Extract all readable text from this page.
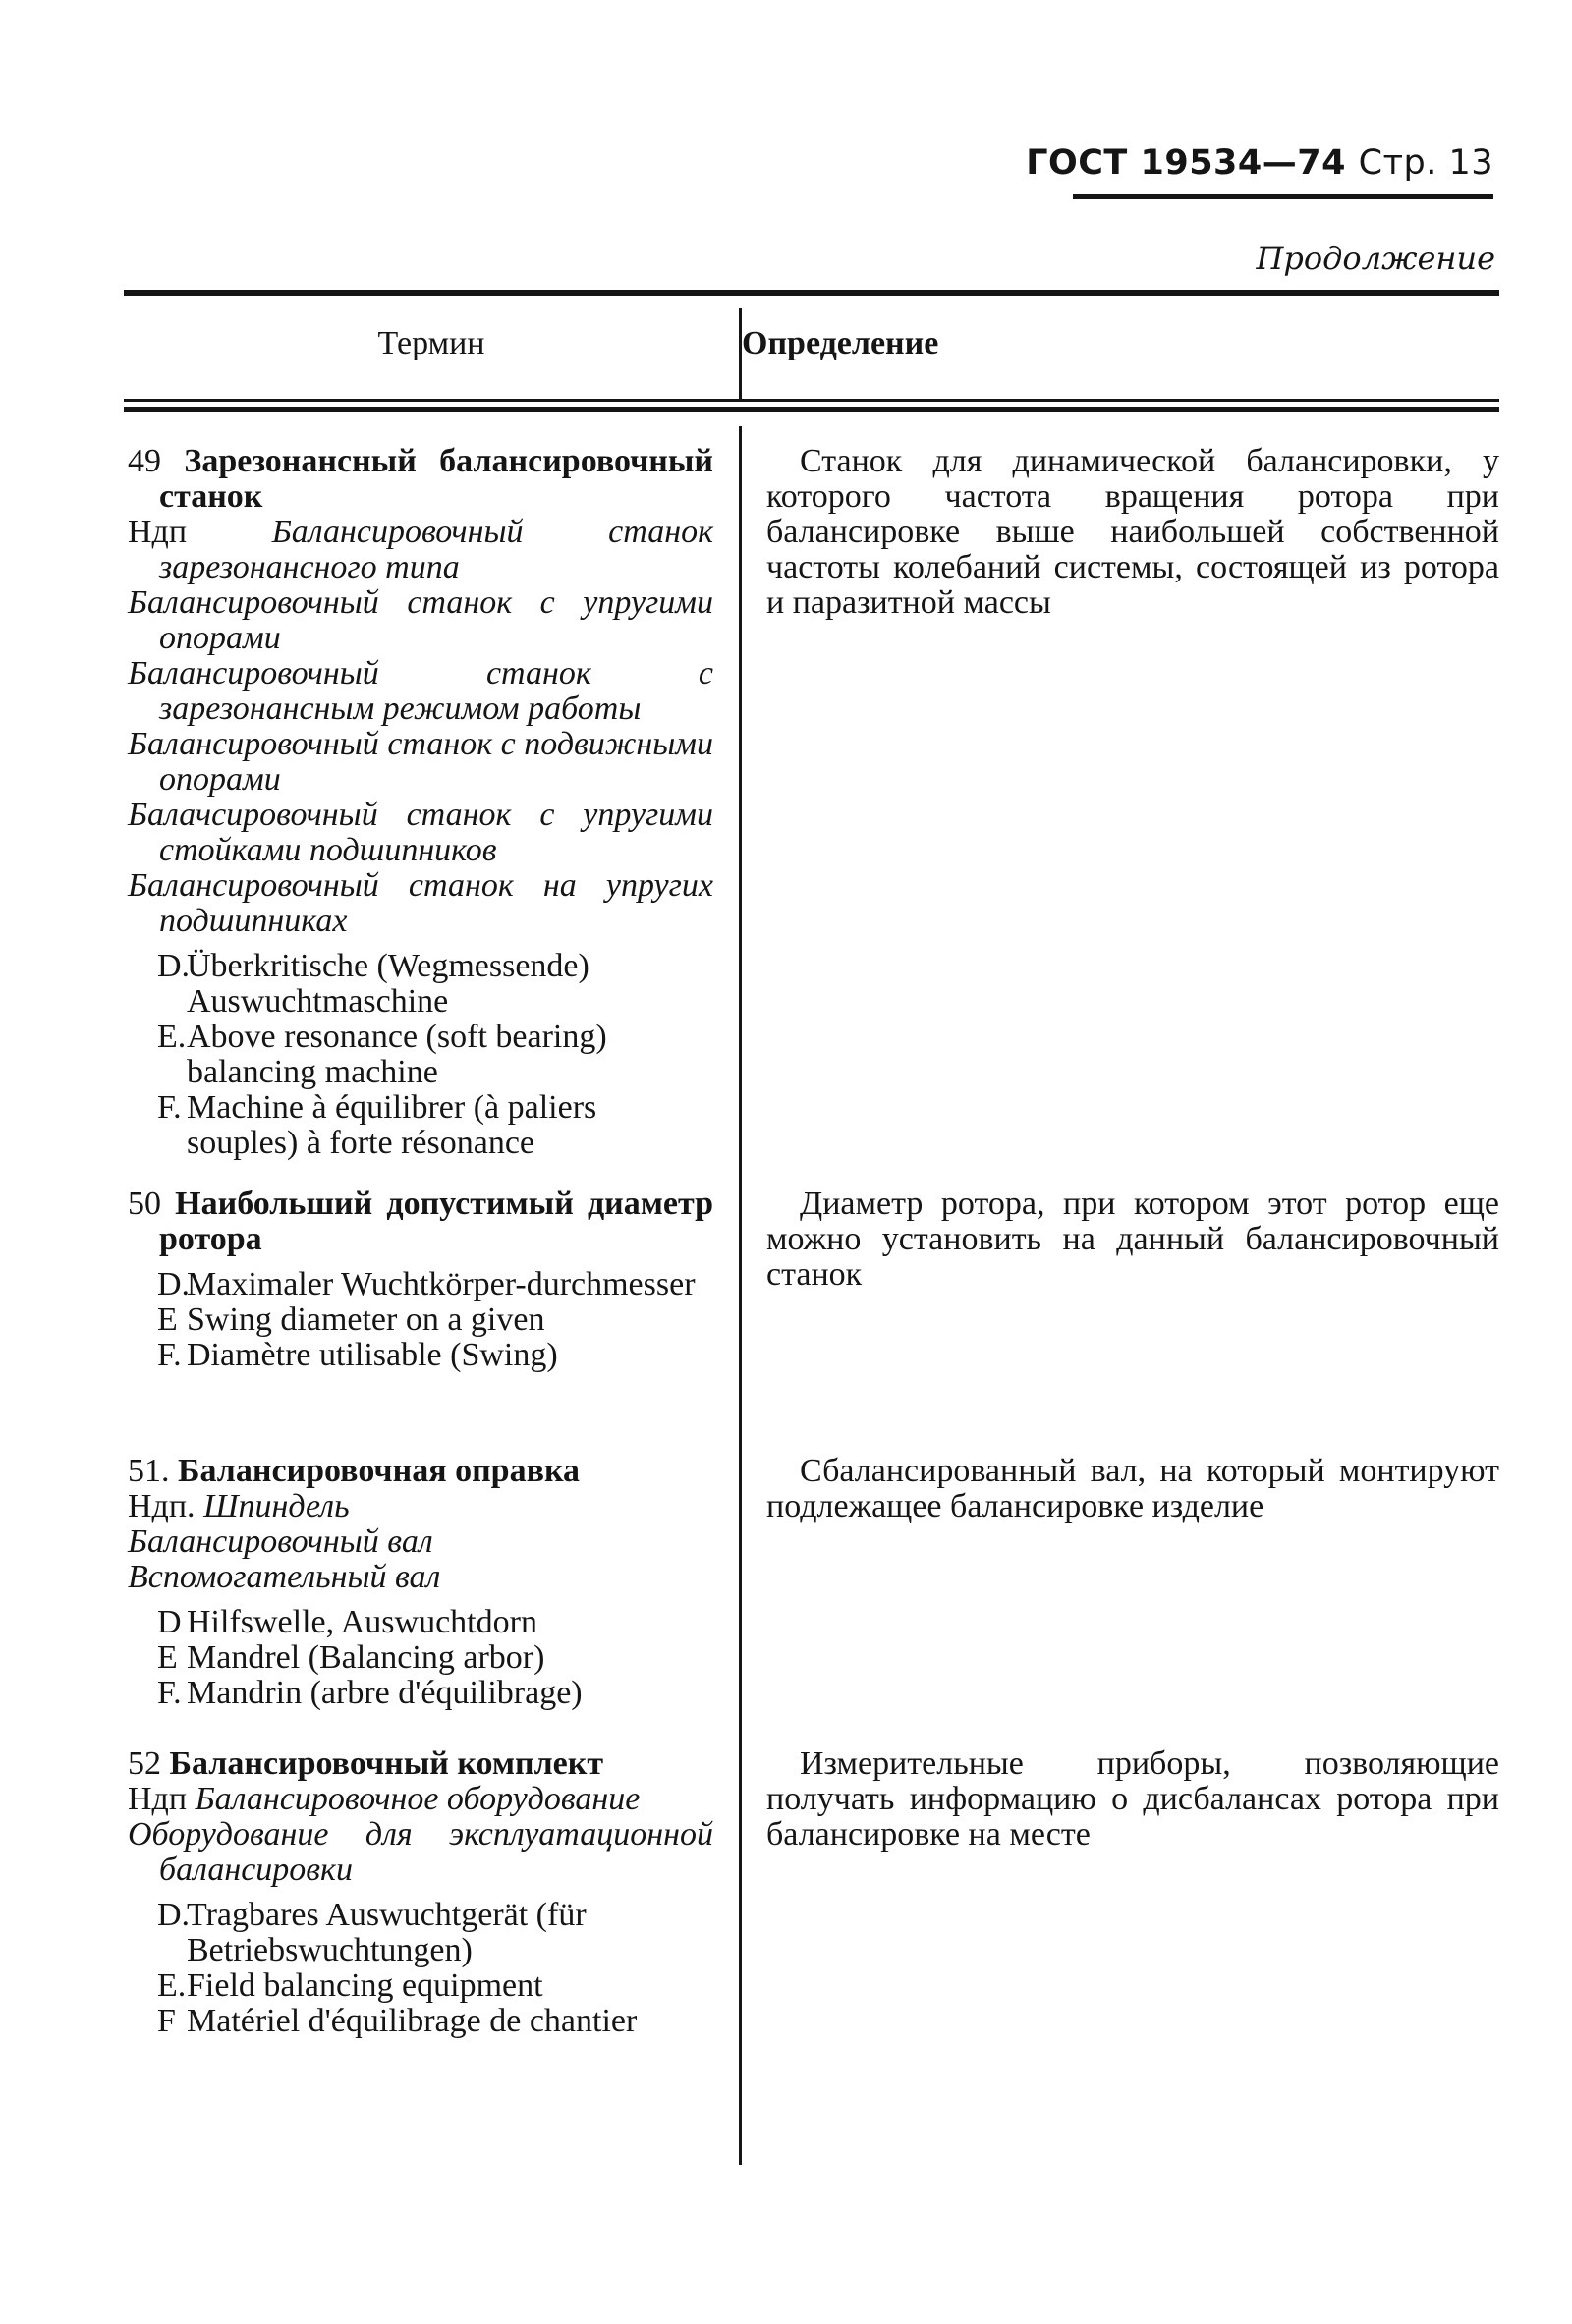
ГОСТ 19534—74 Стр. 13
Продолжение
Термин	Определение

49 Зарезонансный балансировочный станок

Ндп	Балансировочный станок зарезонансного типа

Балансировочный станок с упругими опорами

Балансировочный станок с зарезонансным режимом работы

Балансировочный станок с подвижными опорами

Балачсировочный станок с упругими стойками подшипников

Балансировочный станок на упругих подшипниках

D.Überkritische (Wegmessende) Auswuchtmaschine

E.Above resonance (soft bearing) balancing machine

F. Machine à équilibrer (à paliers souples) à forte résonance

Станок для динамической балансировки, у которого частота вращения ротора при балансировке выше наибольшей собственной частоты колебаний системы, состоящей из ротора и паразитной массы

50 Наибольший допустимый диаметр ротора

D.Maximaler Wuchtkörper-durchmesser

E Swing diameter on a given

F. Diamètre utilisable (Swing)

Диаметр ротора, при котором этот ротор еще можно установить на данный балансировочный станок

51. Балансировочная оправка

Ндп. Шпиндель

Балансировочный вал

Вспомогательный вал

D Hilfswelle, Auswuchtdorn

E Mandrel (Balancing arbor)

F. Mandrin (arbre d'équilibrage)

Сбалансированный вал, на который монтируют подлежащее балансировке изделие

52 Балансировочный комплект

Ндп Балансировочное оборудование

Оборудование для эксплуатационной балансировки

D.Tragbares Auswuchtgerät (für Betriebswuchtungen)

E.Field balancing equipment

F Matériel d'équilibrage de chantier

Измерительные приборы, позволяющие получать информацию о дисбалансах ротора при балансировке на месте
